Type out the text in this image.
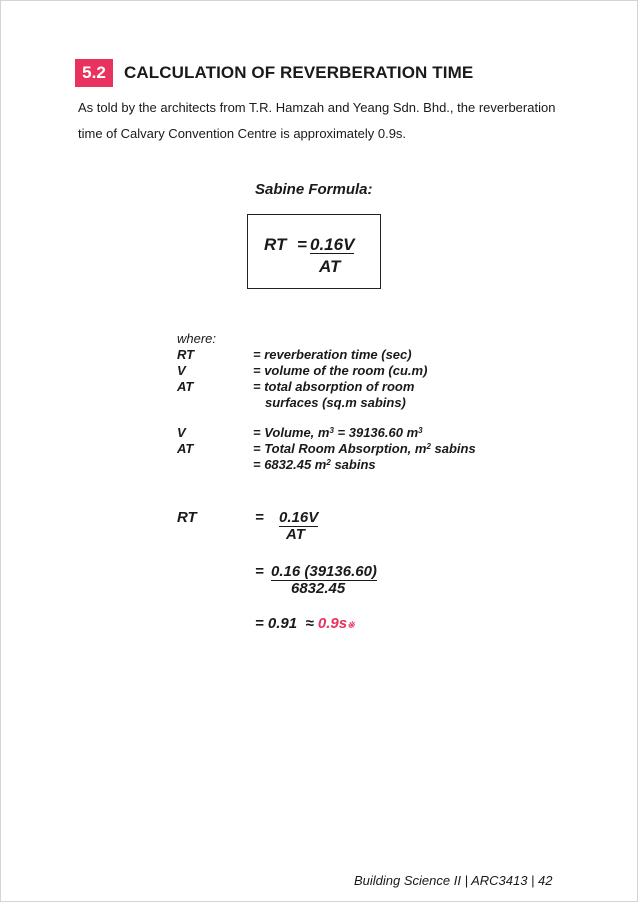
5.2	CALCULATION OF REVERBERATION TIME
As told by the architects from T.R. Hamzah and Yeang Sdn. Bhd., the reverberation
time of Calvary Convention Centre is approximately 0.9s.
Sabine Formula:
RT = 0.16V
AT
where:
RT	= reverberation time (sec)
V	= volume of the room (cu.m)
AT	= total absorption of room
surfaces (sq.m sabins)
V	= Volume, $m^3 = 39136.60$ $m^3$
AT	= Total Room Absorption, $m^2$ sabins
= 6832.45 $m^2$ sabins
RT	= 0.16V
AT
= 0.16 (39136.60)
6832.45
= 0.91  ≈ 0.9s※
Building Science II | ARC3413 | 42
